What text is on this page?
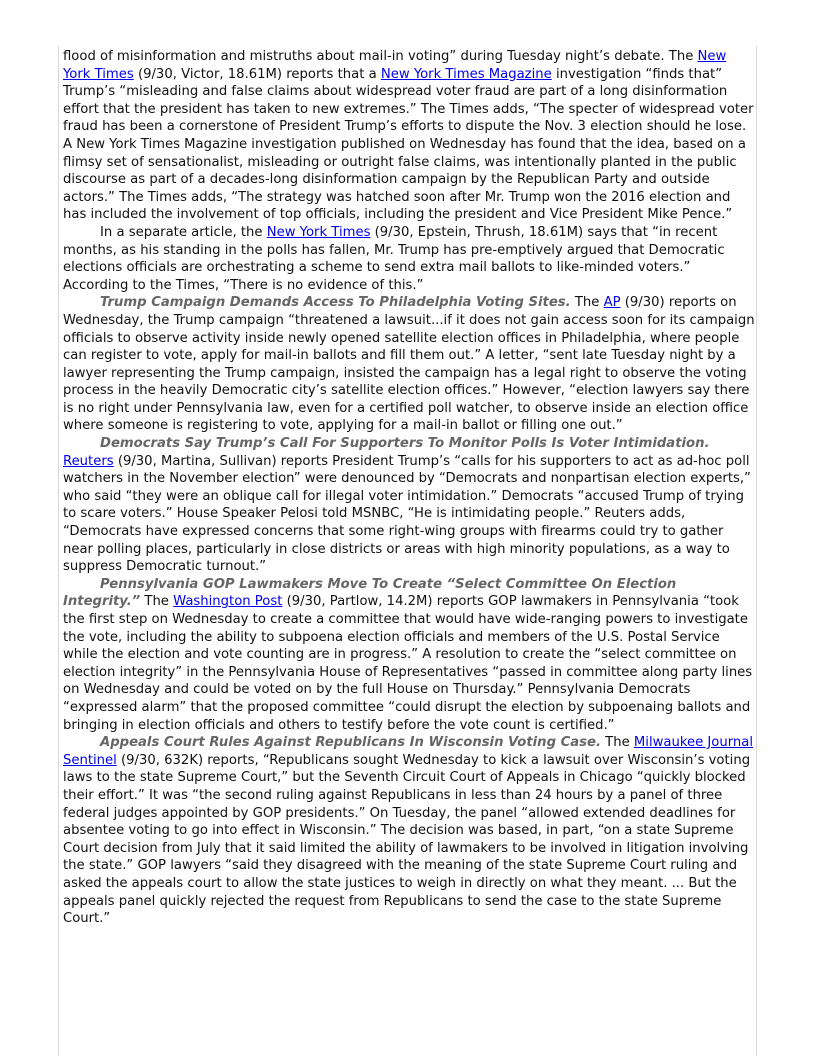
flood of misinformation and mistruths about mail-in voting” during Tuesday night’s debate. The New York Times (9/30, Victor, 18.61M) reports that a New York Times Magazine investigation “finds that” Trump’s “misleading and false claims about widespread voter fraud are part of a long disinformation effort that the president has taken to new extremes.” The Times adds, “The specter of widespread voter fraud has been a cornerstone of President Trump’s efforts to dispute the Nov. 3 election should he lose. A New York Times Magazine investigation published on Wednesday has found that the idea, based on a flimsy set of sensationalist, misleading or outright false claims, was intentionally planted in the public discourse as part of a decades-long disinformation campaign by the Republican Party and outside actors.” The Times adds, “The strategy was hatched soon after Mr. Trump won the 2016 election and has included the involvement of top officials, including the president and Vice President Mike Pence.”

In a separate article, the New York Times (9/30, Epstein, Thrush, 18.61M) says that “in recent months, as his standing in the polls has fallen, Mr. Trump has pre-emptively argued that Democratic elections officials are orchestrating a scheme to send extra mail ballots to like-minded voters.” According to the Times, “There is no evidence of this.”

Trump Campaign Demands Access To Philadelphia Voting Sites. The AP (9/30) reports on Wednesday, the Trump campaign “threatened a lawsuit...if it does not gain access soon for its campaign officials to observe activity inside newly opened satellite election offices in Philadelphia, where people can register to vote, apply for mail-in ballots and fill them out.” A letter, “sent late Tuesday night by a lawyer representing the Trump campaign, insisted the campaign has a legal right to observe the voting process in the heavily Democratic city’s satellite election offices.” However, “election lawyers say there is no right under Pennsylvania law, even for a certified poll watcher, to observe inside an election office where someone is registering to vote, applying for a mail-in ballot or filling one out.”

Democrats Say Trump’s Call For Supporters To Monitor Polls Is Voter Intimidation. Reuters (9/30, Martina, Sullivan) reports President Trump’s “calls for his supporters to act as ad-hoc poll watchers in the November election” were denounced by “Democrats and nonpartisan election experts,” who said “they were an oblique call for illegal voter intimidation.” Democrats “accused Trump of trying to scare voters.” House Speaker Pelosi told MSNBC, “He is intimidating people.” Reuters adds, “Democrats have expressed concerns that some right-wing groups with firearms could try to gather near polling places, particularly in close districts or areas with high minority populations, as a way to suppress Democratic turnout.”

Pennsylvania GOP Lawmakers Move To Create “Select Committee On Election Integrity.” The Washington Post (9/30, Partlow, 14.2M) reports GOP lawmakers in Pennsylvania “took the first step on Wednesday to create a committee that would have wide-ranging powers to investigate the vote, including the ability to subpoena election officials and members of the U.S. Postal Service while the election and vote counting are in progress.” A resolution to create the “select committee on election integrity” in the Pennsylvania House of Representatives “passed in committee along party lines on Wednesday and could be voted on by the full House on Thursday.” Pennsylvania Democrats “expressed alarm” that the proposed committee “could disrupt the election by subpoenaing ballots and bringing in election officials and others to testify before the vote count is certified.”

Appeals Court Rules Against Republicans In Wisconsin Voting Case. The Milwaukee Journal Sentinel (9/30, 632K) reports, “Republicans sought Wednesday to kick a lawsuit over Wisconsin’s voting laws to the state Supreme Court,” but the Seventh Circuit Court of Appeals in Chicago “quickly blocked their effort.” It was “the second ruling against Republicans in less than 24 hours by a panel of three federal judges appointed by GOP presidents.” On Tuesday, the panel “allowed extended deadlines for absentee voting to go into effect in Wisconsin.” The decision was based, in part, “on a state Supreme Court decision from July that it said limited the ability of lawmakers to be involved in litigation involving the state.” GOP lawyers “said they disagreed with the meaning of the state Supreme Court ruling and asked the appeals court to allow the state justices to weigh in directly on what they meant. ... But the appeals panel quickly rejected the request from Republicans to send the case to the state Supreme Court.”
